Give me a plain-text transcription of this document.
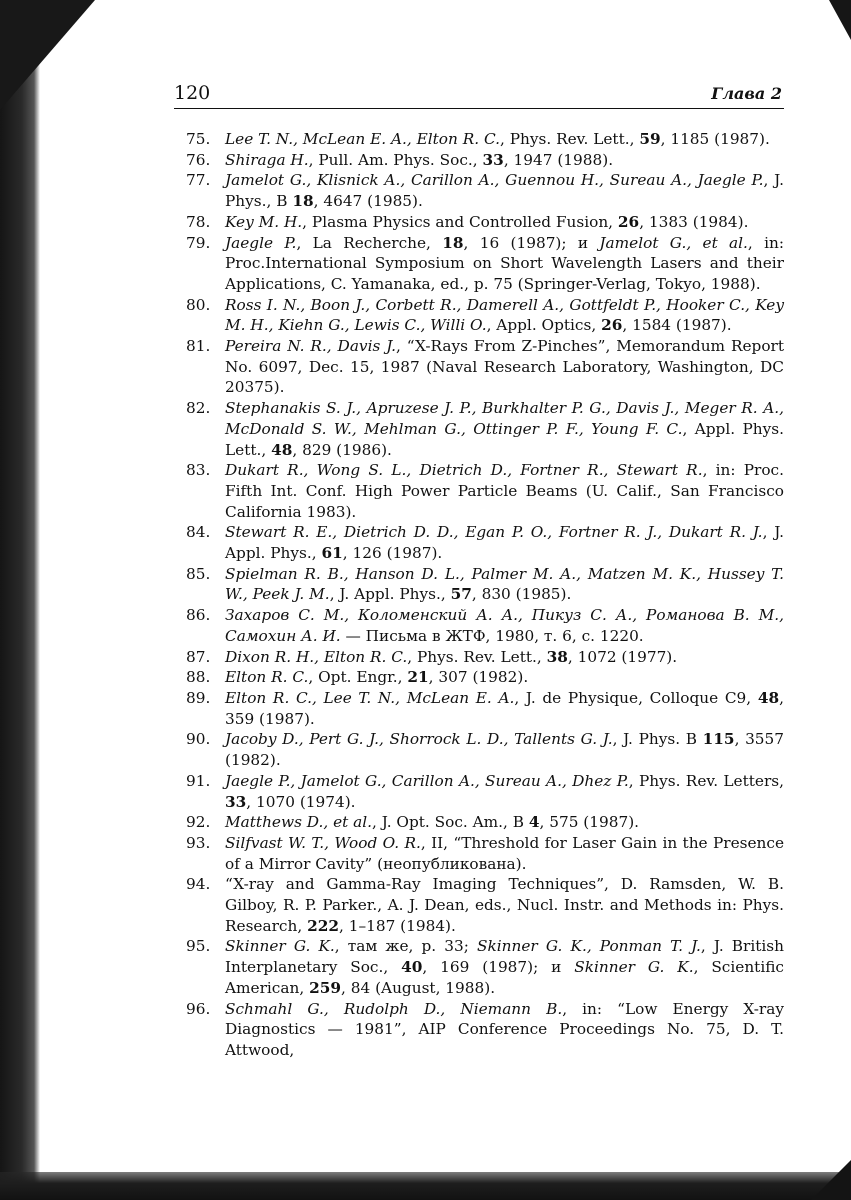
120	Глава 2
75. Lee T. N., McLean E. A., Elton R. C., Phys. Rev. Lett., 59, 1185 (1987).
76. Shiraga H., Pull. Am. Phys. Soc., 33, 1947 (1988).
77. Jamelot G., Klisnick A., Carillon A., Guennou H., Sureau A., Jaegle P., J. Phys., B 18, 4647 (1985).
78. Key M. H., Plasma Physics and Controlled Fusion, 26, 1383 (1984).
79. Jaegle P., La Recherche, 18, 16 (1987); и Jamelot G., et al., in: Proc.International Symposium on Short Wavelength Lasers and their Applications, C. Yamanaka, ed., p. 75 (Springer-Verlag, Tokyo, 1988).
80. Ross I. N., Boon J., Corbett R., Damerell A., Gottfeldt P., Hooker C., Key M. H., Kiehn G., Lewis C., Willi O., Appl. Optics, 26, 1584 (1987).
81. Pereira N. R., Davis J., “X-Rays From Z-Pinches”, Memorandum Report No. 6097, Dec. 15, 1987 (Naval Research Laboratory, Washington, DC 20375).
82. Stephanakis S. J., Apruzese J. P., Burkhalter P. G., Davis J., Meger R. A., McDonald S. W., Mehlman G., Ottinger P. F., Young F. C., Appl. Phys. Lett., 48, 829 (1986).
83. Dukart R., Wong S. L., Dietrich D., Fortner R., Stewart R., in: Proc. Fifth Int. Conf. High Power Particle Beams (U. Calif., San Francisco California 1983).
84. Stewart R. E., Dietrich D. D., Egan P. O., Fortner R. J., Dukart R. J., J. Appl. Phys., 61, 126 (1987).
85. Spielman R. B., Hanson D. L., Palmer M. A., Matzen M. K., Hussey T. W., Peek J. M., J. Appl. Phys., 57, 830 (1985).
86. Захаров С. М., Коломенский А. А., Пикуз С. А., Романова В. М., Самохин А. И. — Письма в ЖТФ, 1980, т. 6, с. 1220.
87. Dixon R. H., Elton R. C., Phys. Rev. Lett., 38, 1072 (1977).
88. Elton R. C., Opt. Engr., 21, 307 (1982).
89. Elton R. C., Lee T. N., McLean E. A., J. de Physique, Colloque C9, 48, 359 (1987).
90. Jacoby D., Pert G. J., Shorrock L. D., Tallents G. J., J. Phys. B 115, 3557 (1982).
91. Jaegle P., Jamelot G., Carillon A., Sureau A., Dhez P., Phys. Rev. Letters, 33, 1070 (1974).
92. Matthews D., et al., J. Opt. Soc. Am., B 4, 575 (1987).
93. Silfvast W. T., Wood O. R., II, “Threshold for Laser Gain in the Presence of a Mirror Cavity” (неопубликована).
94. “X-ray and Gamma-Ray Imaging Techniques”, D. Ramsden, W. B. Gilboy, R. P. Parker., A. J. Dean, eds., Nucl. Instr. and Methods in: Phys. Research, 222, 1–187 (1984).
95. Skinner G. K., там же, p. 33; Skinner G. K., Ponman T. J., J. British Interplanetary Soc., 40, 169 (1987); и Skinner G. K., Scientific American, 259, 84 (August, 1988).
96. Schmahl G., Rudolph D., Niemann B., in: “Low Energy X-ray Diagnostics — 1981”, AIP Conference Proceedings No. 75, D. T. Attwood,
